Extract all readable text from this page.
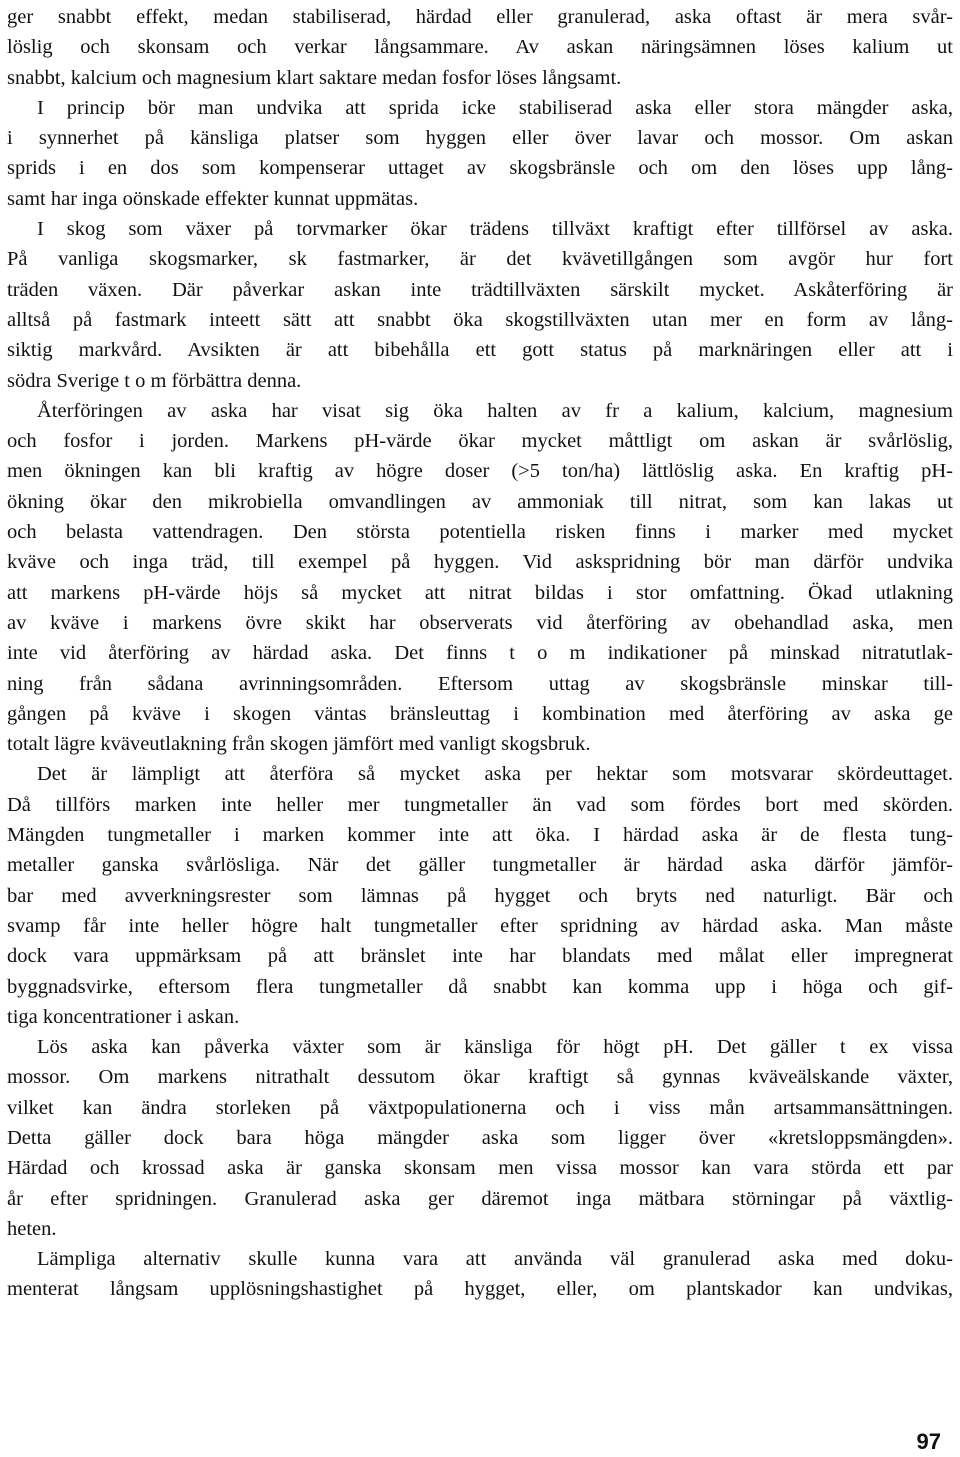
ger snabbt effekt, medan stabiliserad, härdad eller granulerad, aska oftast är mera svår-
löslig och skonsam och verkar långsammare. Av askan näringsämnen löses kalium ut
snabbt, kalcium och magnesium klart saktare medan fosfor löses långsamt.
I princip bör man undvika att sprida icke stabiliserad aska eller stora mängder aska,
i synnerhet på känsliga platser som hyggen eller över lavar och mossor. Om askan
sprids i en dos som kompenserar uttaget av skogsbränsle och om den löses upp lång-
samt har inga oönskade effekter kunnat uppmätas.
I skog som växer på torvmarker ökar trädens tillväxt kraftigt efter tillförsel av aska.
På vanliga skogsmarker, sk fastmarker, är det kvävetillgången som avgör hur fort
träden växen. Där påverkar askan inte trädtillväxten särskilt mycket. Askåterföring är
alltså på fastmark inteett sätt att snabbt öka skogstillväxten utan mer en form av lång-
siktig markvård. Avsikten är att bibehålla ett gott status på marknäringen eller att i
södra Sverige t o m förbättra denna.
Återföringen av aska har visat sig öka halten av fr a kalium, kalcium, magnesium
och fosfor i jorden. Markens pH-värde ökar mycket måttligt om askan är svårlöslig,
men ökningen kan bli kraftig av högre doser (>5 ton/ha) lättlöslig aska. En kraftig pH-
ökning ökar den mikrobiella omvandlingen av ammoniak till nitrat, som kan lakas ut
och belasta vattendragen. Den största potentiella risken finns i marker med mycket
kväve och inga träd, till exempel på hyggen. Vid askspridning bör man därför undvika
att markens pH-värde höjs så mycket att nitrat bildas i stor omfattning. Ökad utlakning
av kväve i markens övre skikt har observerats vid återföring av obehandlad aska, men
inte vid återföring av härdad aska. Det finns t o m indikationer på minskad nitratutlak-
ning från sådana avrinningsområden. Eftersom uttag av skogsbränsle minskar till-
gången på kväve i skogen väntas bränsleuttag i kombination med återföring av aska ge
totalt lägre kväveutlakning från skogen jämfört med vanligt skogsbruk.
Det är lämpligt att återföra så mycket aska per hektar som motsvarar skördeuttaget.
Då tillförs marken inte heller mer tungmetaller än vad som fördes bort med skörden.
Mängden tungmetaller i marken kommer inte att öka. I härdad aska är de flesta tung-
metaller ganska svårlösliga. När det gäller tungmetaller är härdad aska därför jämför-
bar med avverkningsrester som lämnas på hygget och bryts ned naturligt. Bär och
svamp får inte heller högre halt tungmetaller efter spridning av härdad aska. Man måste
dock vara uppmärksam på att bränslet inte har blandats med målat eller impregnerat
byggnadsvirke, eftersom flera tungmetaller då snabbt kan komma upp i höga och gif-
tiga koncentrationer i askan.
Lös aska kan påverka växter som är känsliga för högt pH. Det gäller t ex vissa
mossor. Om markens nitrathalt dessutom ökar kraftigt så gynnas kväveälskande växter,
vilket kan ändra storleken på växtpopulationerna och i viss mån artsammansättningen.
Detta gäller dock bara höga mängder aska som ligger över «kretsloppsmängden».
Härdad och krossad aska är ganska skonsam men vissa mossor kan vara störda ett par
år efter spridningen. Granulerad aska ger däremot inga mätbara störningar på växtlig-
heten.
Lämpliga alternativ skulle kunna vara att använda väl granulerad aska med doku-
menterat långsam upplösningshastighet på hygget, eller, om plantskador kan undvikas,
97
